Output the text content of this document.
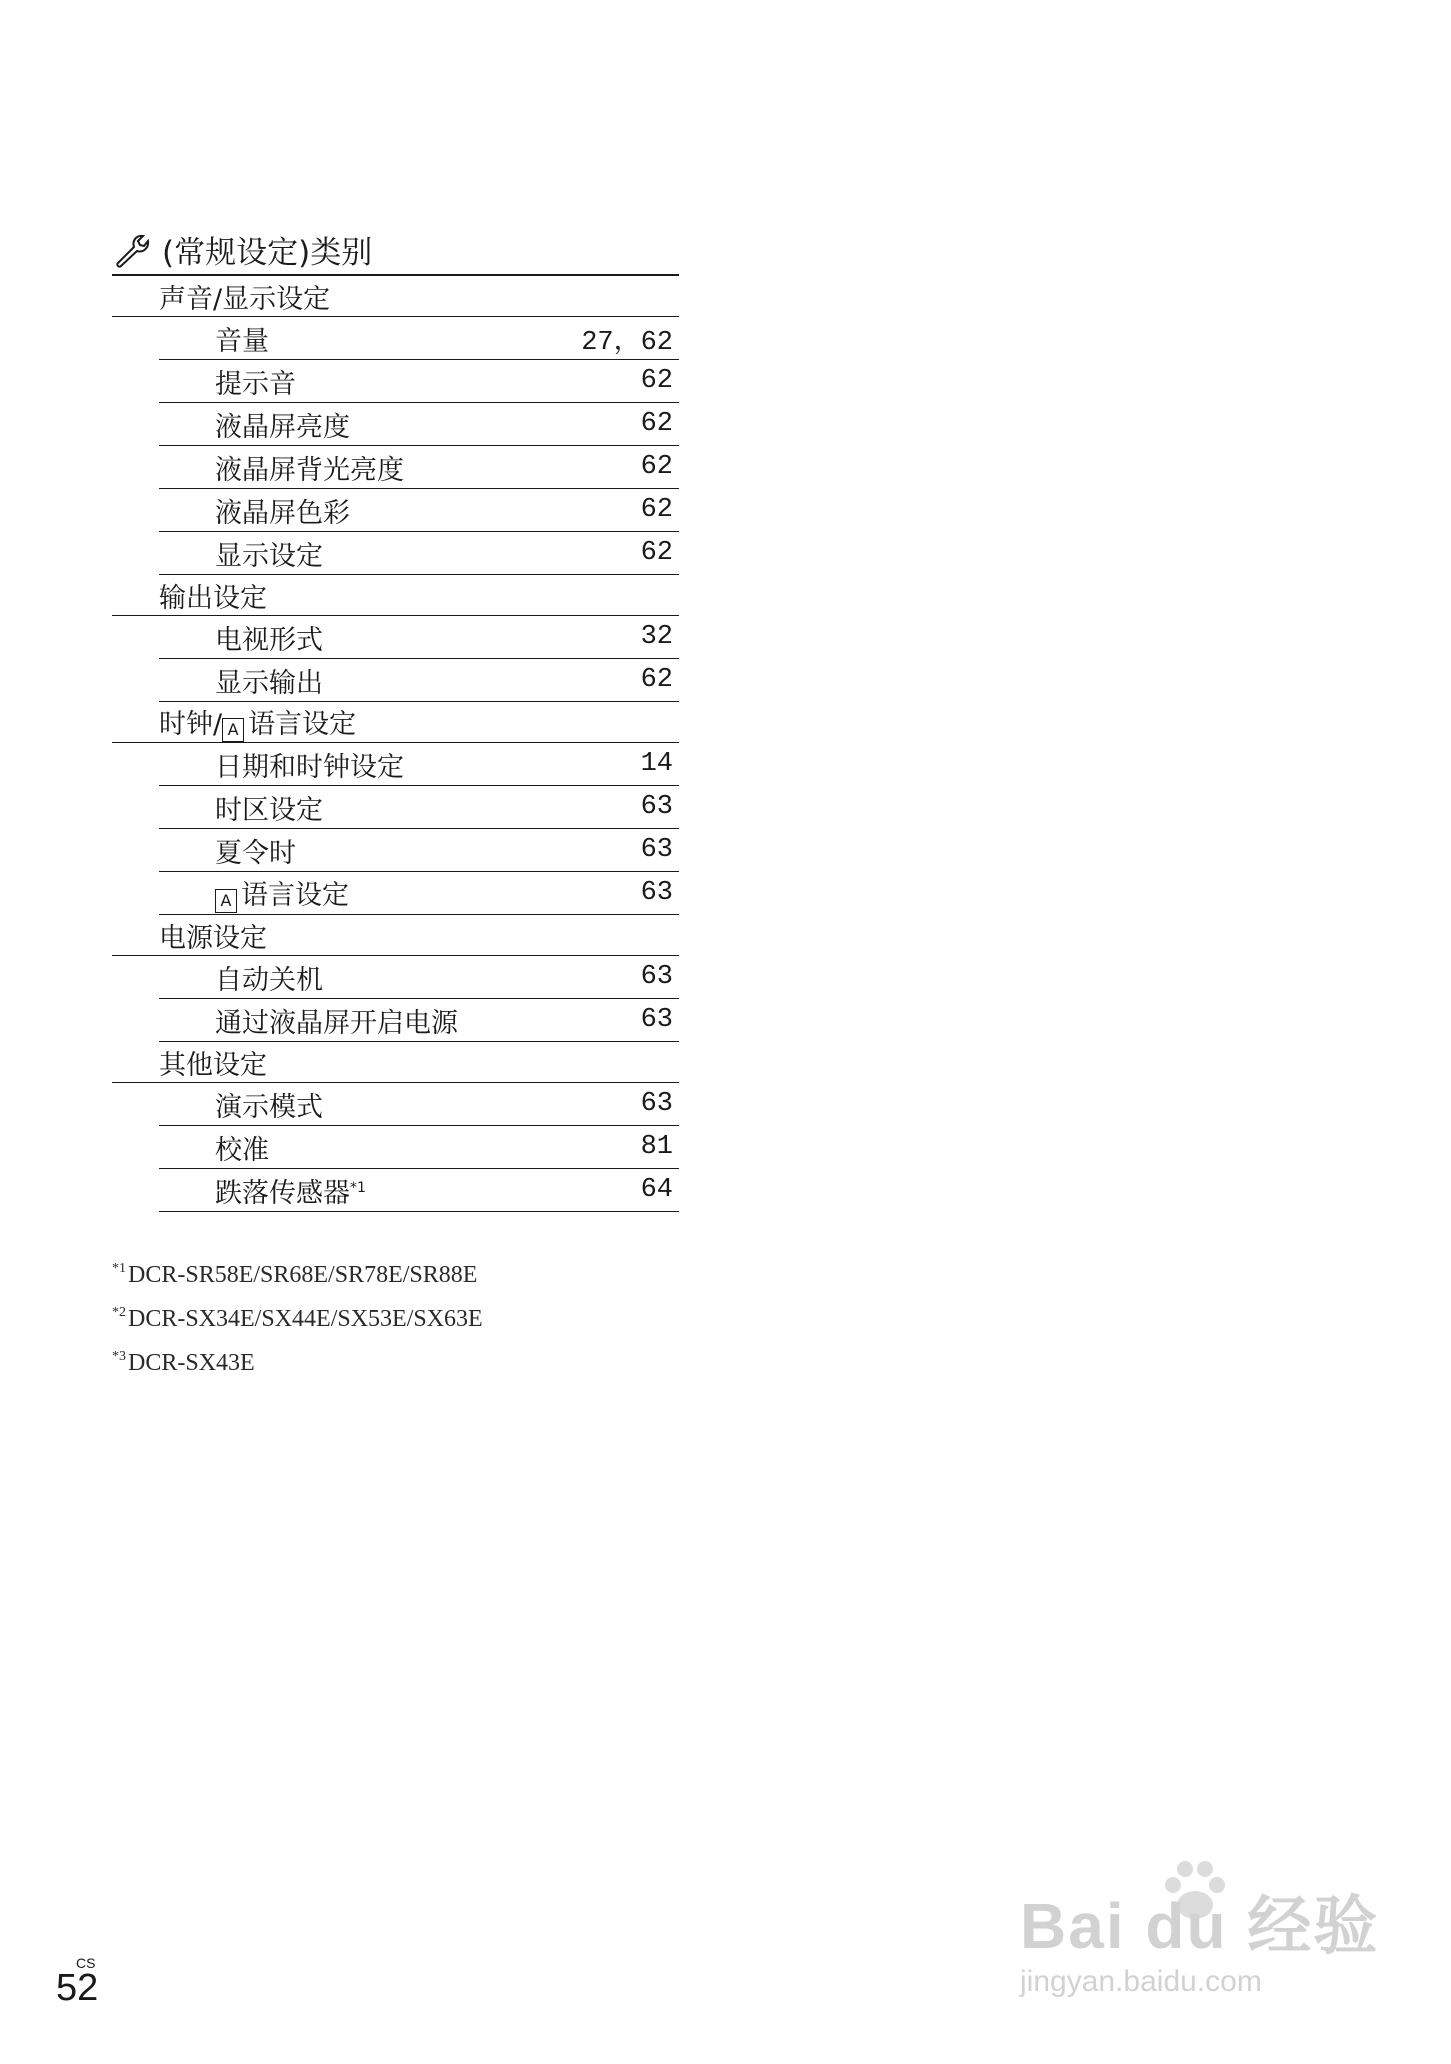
(常规设定)类别
声音/显示设定
音量	27，62
提示音	62
液晶屏亮度	62
液晶屏背光亮度	62
液晶屏色彩	62
显示设定	62
输出设定
电视形式	32
显示输出	62
时钟/ A 语言设定
日期和时钟设定	14
时区设定	63
夏令时	63
A 语言设定	63
电源设定
自动关机	63
通过液晶屏开启电源	63
其他设定
演示模式	63
校准	81
跌落传感器$^{*1}$	64
$^{*1}$DCR-SR58E/SR68E/SR78E/SR88E
$^{*2}$DCR-SX34E/SX44E/SX53E/SX63E
$^{*3}$DCR-SX43E
CS
52
Bai du 经验
jingyan.baidu.com
